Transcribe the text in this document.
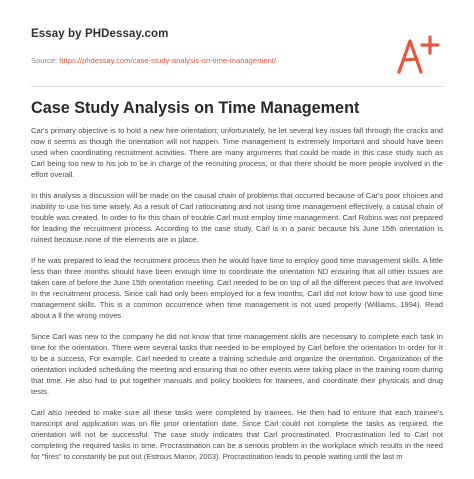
Essay by PHDessay.com
Source: https://phdessay.com/case-study-analysis-on-time-management/
Case Study Analysis on Time Management

Car's primary objective is to hold a new hire orientation; unfortunately, he let several key issues fall through the cracks and now it seems as though the orientation will not happen. Time management Is extremely Important and should have been used when coordinating recruitment activities. There are many arguments that could be made in this case study such as Carl being too new to his job to be in charge of the recruiting process, or that there should be more people involved in the effort overall.

In this analysis a discussion will be made on the causal chain of problems that occurred because of Car's poor choices and inability to use his time wisely. As a result of Carl ratiocinating and not using time management effectively, a causal chain of trouble was created. In order to fix this chain of trouble Carl must employ time management. Carl Robins was not prepared for leading the recruitment process. According to the case study, Carl is in a panic because his June 15th orientation is ruined because none of the elements are in place.

If he was prepared to lead the recruitment process then he would have time to employ good time management skills. A little less than three months should have been enough time to coordinate the orientation ND ensuring that all other Issues are taken care of before the June 15th orientation meeting. Carl needed to be on top of all the different pieces that are Involved In the recruitment process. Since call had only been employed for a few months, Carl did not know how to use good time management skills. This is a common occurrence when time management is not used properly (Williams, 1994). Read about a ll the wrong moves

Since Carl was new to the company he did not know that time management skills are necessary to complete each task In time for the orientation. There were several tasks that needed to be employed by Carl before the orientation In order for It to be a success, For example, Carl needed to create a training schedule and organize the orientation. Organization of the orientation included scheduling the meeting and ensuring that no other events were taking place in the training room during that time. He also had to put together manuals and policy booklets for trainees, and coordinate their physicals and drug tests.

Carl also needed to make sure all these tasks were completed by trainees. He then had to ensure that each trainee's transcript and application was on file prior orientation date. Since Carl could not complete the tasks as required, the orientation will not be successful. The case study indicates that Carl procrastinated. Procrastination led to Carl not completing the required tasks in time. Procrastination can be a serious problem in the workplace which results in the need for "fires" to constantly be put out (Estrous Manor, 2003). Procrastination leads to people waiting until the last m
